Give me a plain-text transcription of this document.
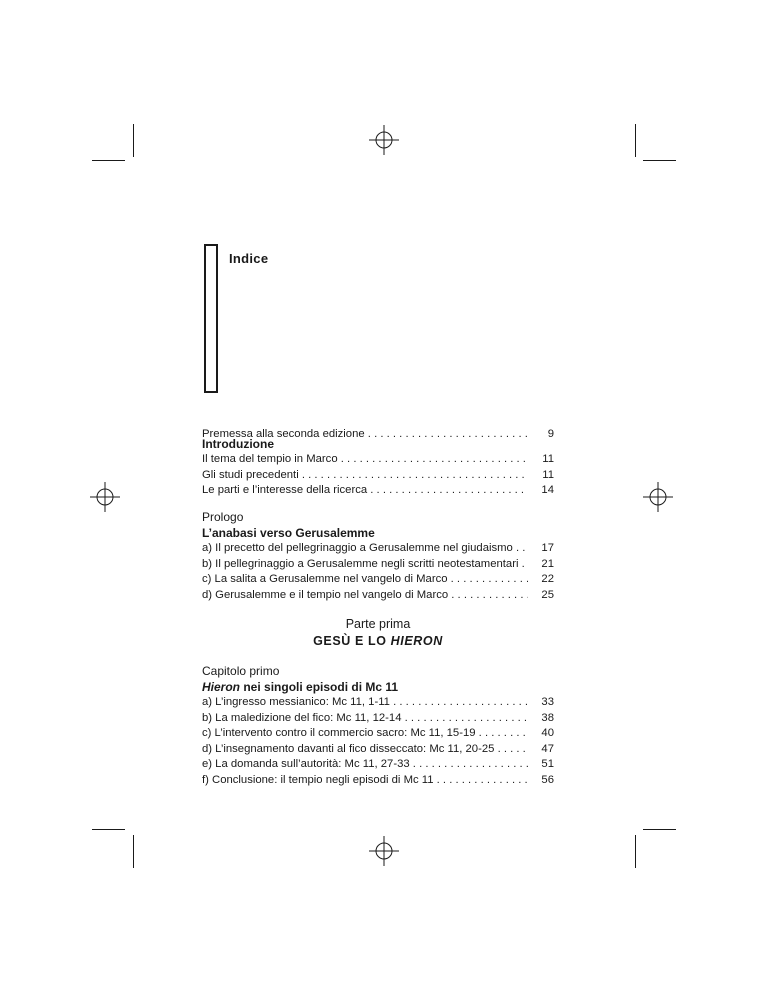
Indice
Premessa alla seconda edizione . . .	9
Introduzione
Il tema del tempio in Marco . . .	11
Gli studi precedenti . . .	11
Le parti e l’interesse della ricerca . . .	14
Prologo
L’anabasi verso Gerusalemme
a) Il precetto del pellegrinaggio a Gerusalemme nel giudaismo . . .	17
b) Il pellegrinaggio a Gerusalemme negli scritti neotestamentari . . .	21
c) La salita a Gerusalemme nel vangelo di Marco . . .	22
d) Gerusalemme e il tempio nel vangelo di Marco . . .	25
Parte prima
GESÙ E LO HIERON
Capitolo primo
Hieron nei singoli episodi di Mc 11
a) L’ingresso messianico: Mc 11, 1-11 . . .	33
b) La maledizione del fico: Mc 11, 12-14 . . .	38
c) L’intervento contro il commercio sacro: Mc 11, 15-19 . . .	40
d) L’insegnamento davanti al fico disseccato: Mc 11, 20-25 . . .	47
e) La domanda sull’autorità: Mc 11, 27-33 . . .	51
f) Conclusione: il tempio negli episodi di Mc 11 . . .	56
